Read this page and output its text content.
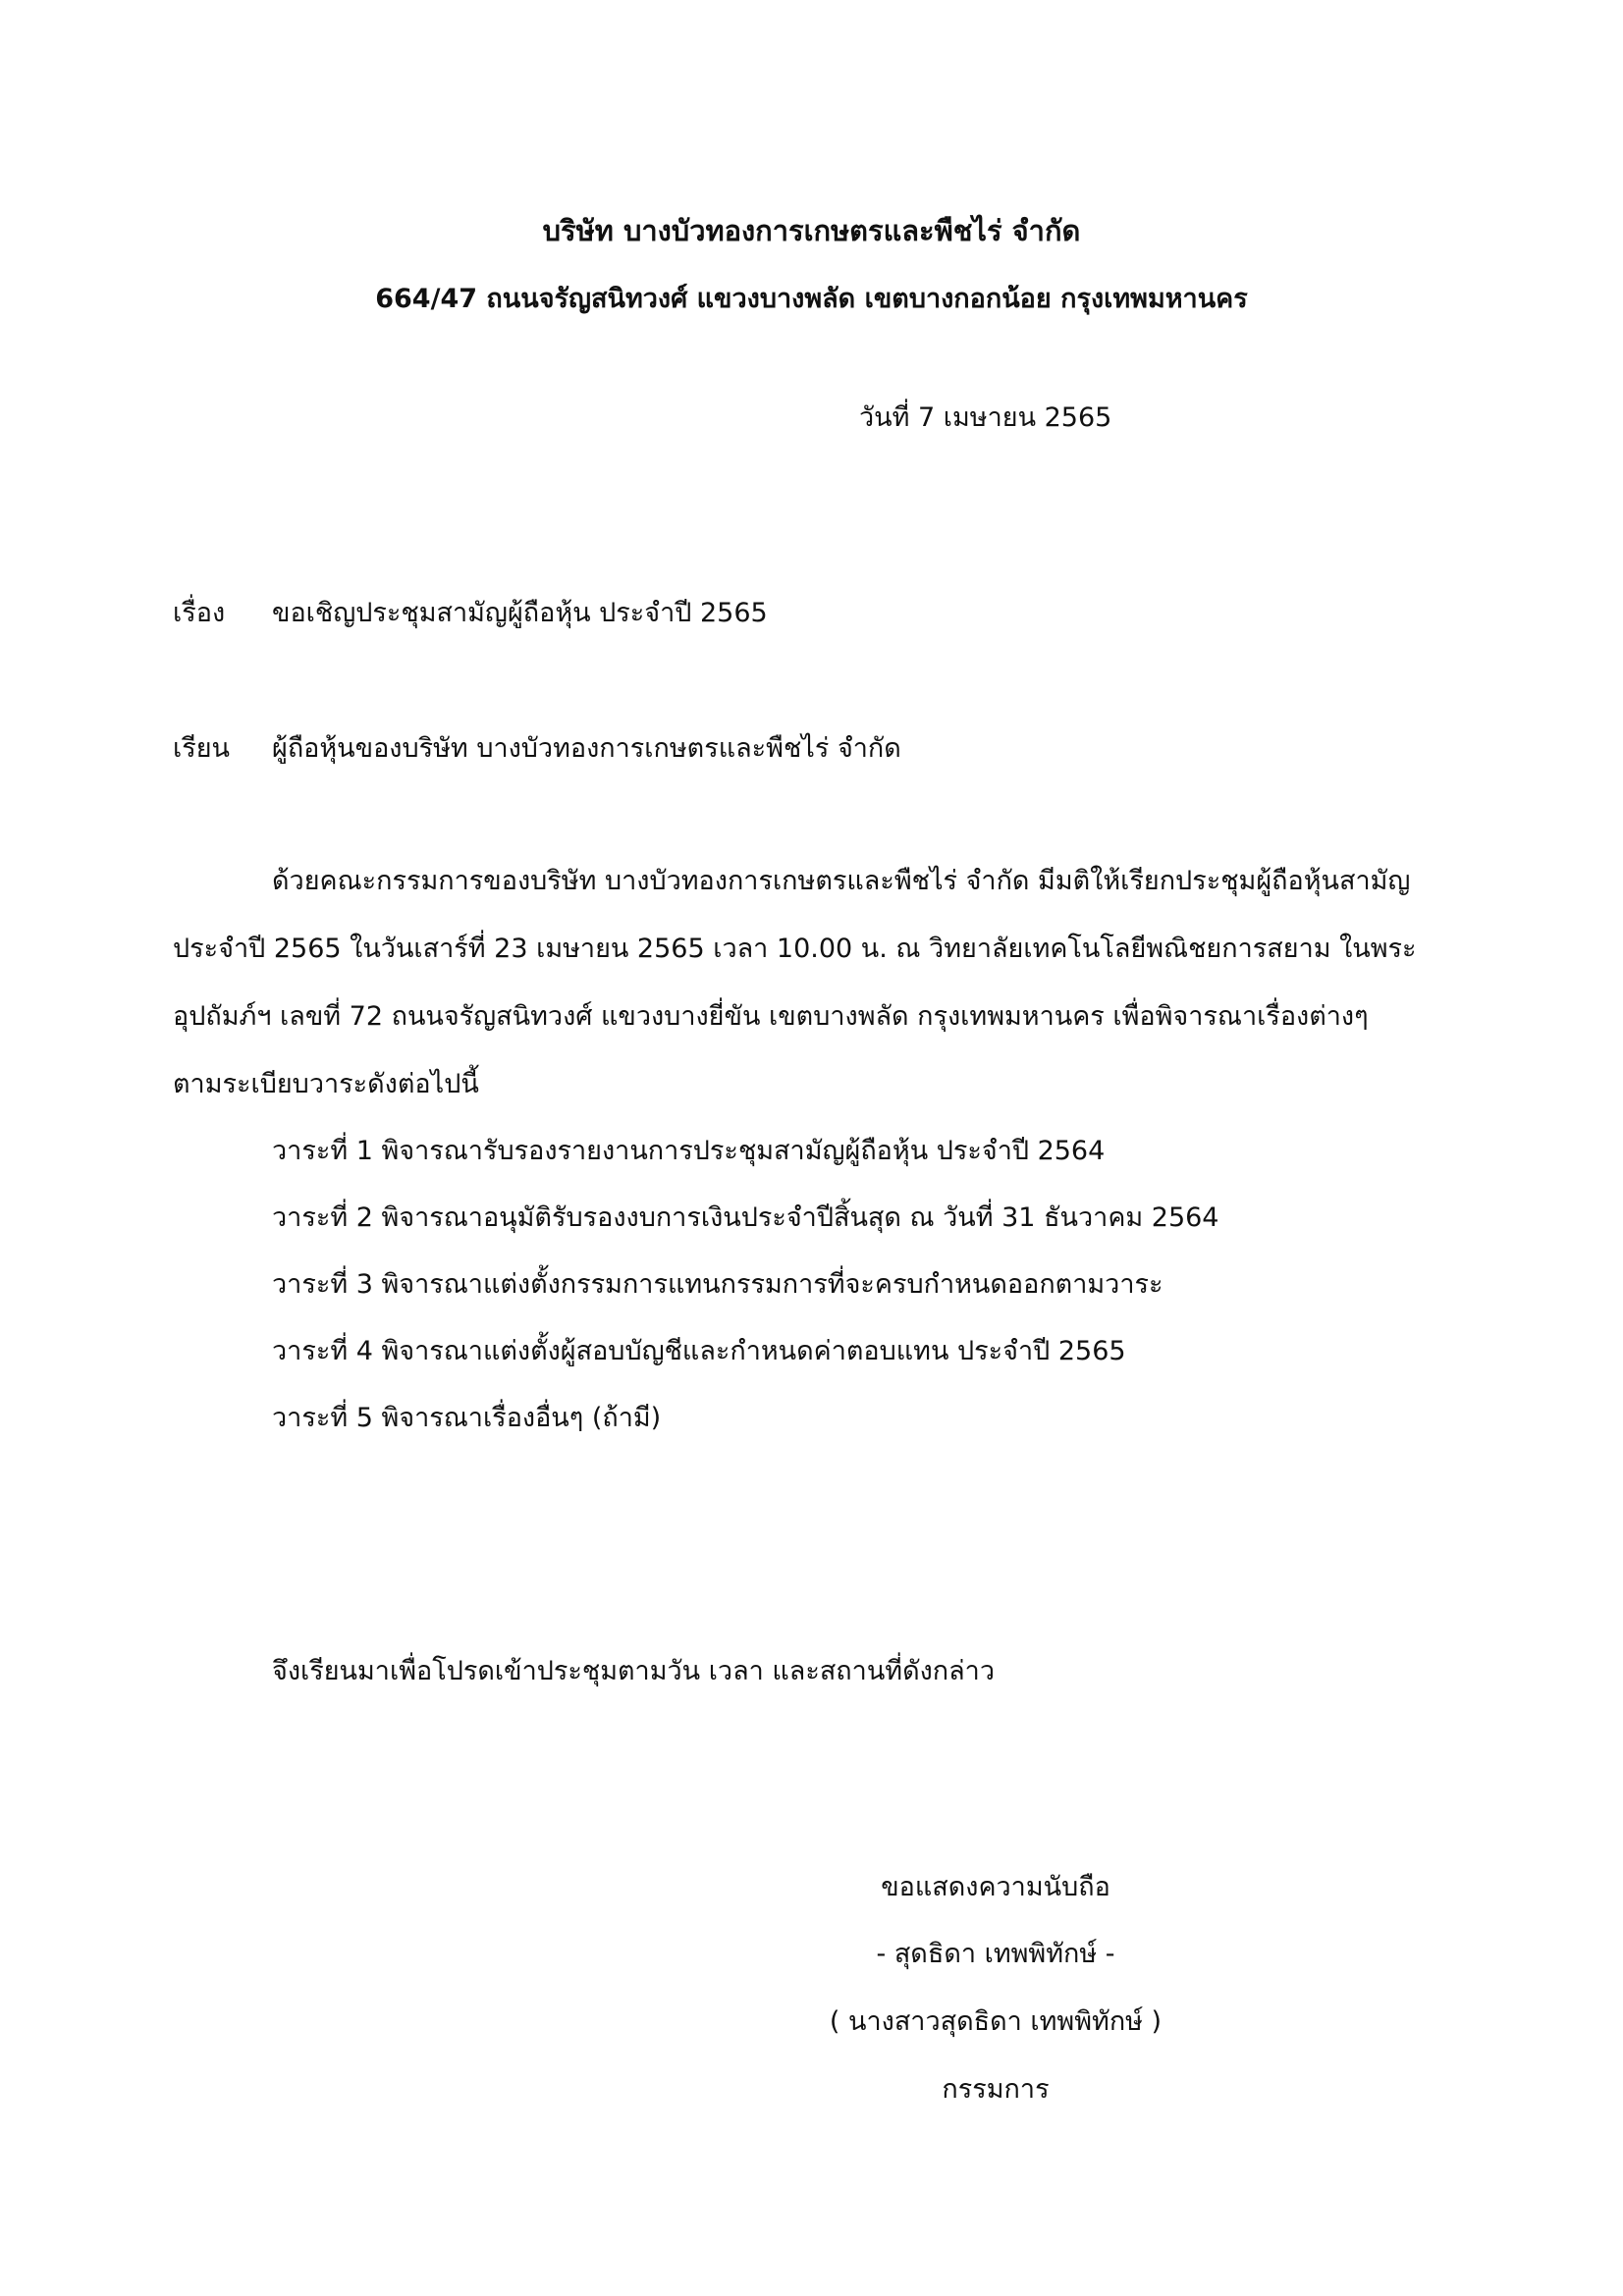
บริษัท บางบัวทองการเกษตรและพืชไร่ จำกัด
664/47 ถนนจรัญสนิทวงศ์ แขวงบางพลัด เขตบางกอกน้อย กรุงเทพมหานคร
วันที่ 7 เมษายน 2565
เรื่อง ขอเชิญประชุมสามัญผู้ถือหุ้น ประจำปี 2565
เรียน ผู้ถือหุ้นของบริษัท บางบัวทองการเกษตรและพืชไร่ จำกัด
ด้วยคณะกรรมการของบริษัท บางบัวทองการเกษตรและพืชไร่ จำกัด มีมติให้เรียกประชุมผู้ถือหุ้นสามัญ
ประจำปี 2565 ในวันเสาร์ที่ 23 เมษายน 2565 เวลา 10.00 น. ณ วิทยาลัยเทคโนโลยีพณิชยการสยาม ในพระ
อุปถัมภ์ฯ เลขที่ 72 ถนนจรัญสนิทวงศ์ แขวงบางยี่ขัน เขตบางพลัด กรุงเทพมหานคร เพื่อพิจารณาเรื่องต่างๆ
ตามระเบียบวาระดังต่อไปนี้
วาระที่ 1 พิจารณารับรองรายงานการประชุมสามัญผู้ถือหุ้น ประจำปี 2564
วาระที่ 2 พิจารณาอนุมัติรับรองงบการเงินประจำปีสิ้นสุด ณ วันที่ 31 ธันวาคม 2564
วาระที่ 3 พิจารณาแต่งตั้งกรรมการแทนกรรมการที่จะครบกำหนดออกตามวาระ
วาระที่ 4 พิจารณาแต่งตั้งผู้สอบบัญชีและกำหนดค่าตอบแทน ประจำปี 2565
วาระที่ 5 พิจารณาเรื่องอื่นๆ (ถ้ามี)
จึงเรียนมาเพื่อโปรดเข้าประชุมตามวัน เวลา และสถานที่ดังกล่าว
ขอแสดงความนับถือ
- สุดธิดา เทพพิทักษ์ -
( นางสาวสุดธิดา เทพพิทักษ์ )
กรรมการ
